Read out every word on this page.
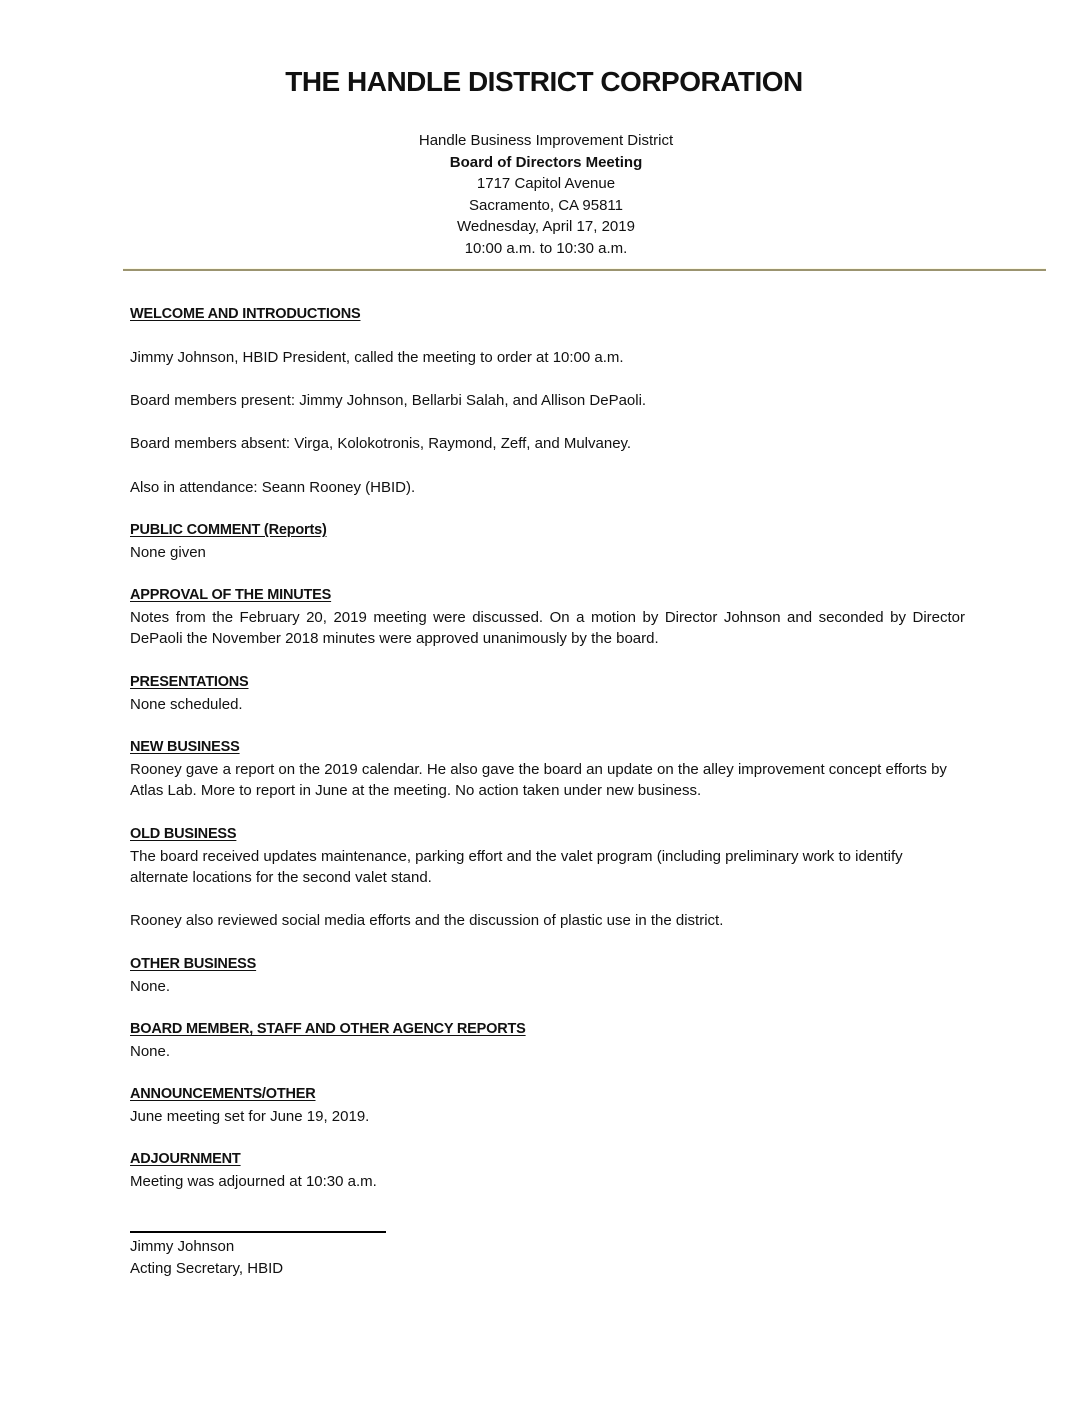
THE HANDLE DISTRICT CORPORATION
Handle Business Improvement District
Board of Directors Meeting
1717 Capitol Avenue
Sacramento, CA 95811
Wednesday, April 17, 2019
10:00 a.m. to 10:30 a.m.
WELCOME AND INTRODUCTIONS
Jimmy Johnson, HBID President, called the meeting to order at 10:00 a.m.
Board members present: Jimmy Johnson, Bellarbi Salah, and Allison DePaoli.
Board members absent: Virga, Kolokotronis, Raymond, Zeff, and Mulvaney.
Also in attendance: Seann Rooney (HBID).
PUBLIC COMMENT (Reports)

None given

APPROVAL OF THE MINUTES

Notes from the February 20, 2019 meeting were discussed. On a motion by Director Johnson and seconded by Director DePaoli the November 2018 minutes were approved unanimously by the board.

PRESENTATIONS

None scheduled.

NEW BUSINESS

Rooney gave a report on the 2019 calendar. He also gave the board an update on the alley improvement concept efforts by Atlas Lab. More to report in June at the meeting. No action taken under new business.

OLD BUSINESS

The board received updates maintenance, parking effort and the valet program (including preliminary work to identify alternate locations for the second valet stand.

Rooney also reviewed social media efforts and the discussion of plastic use in the district.
OTHER BUSINESS

None.

BOARD MEMBER, STAFF AND OTHER AGENCY REPORTS

None.

ANNOUNCEMENTS/OTHER

June meeting set for June 19, 2019.

ADJOURNMENT

Meeting was adjourned at 10:30 a.m.

Jimmy Johnson
Acting Secretary, HBID
